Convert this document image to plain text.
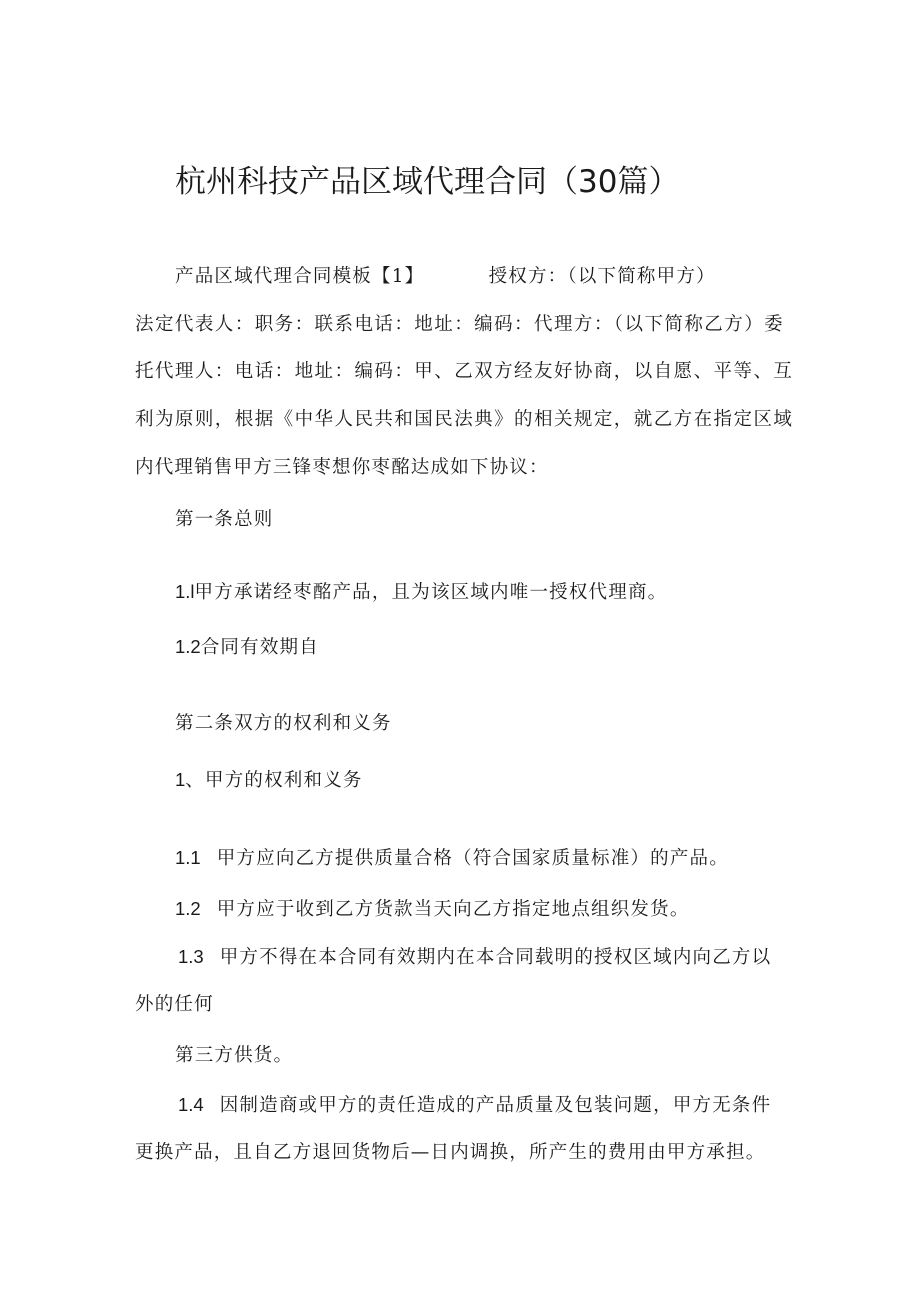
杭州科技产品区域代理合同（30篇）
产品区域代理合同模板【1】	授权方：（以下简称甲方）
法定代表人：职务：联系电话：地址：编码：代理方：（以下简称乙方）委
托代理人：电话：地址：编码：甲、乙双方经友好协商，以自愿、平等、互
利为原则，根据《中华人民共和国民法典》的相关规定，就乙方在指定区域
内代理销售甲方三锋枣想你枣酩达成如下协议：
第一条总则
1.l甲方承诺经枣酩产品，且为该区域内唯一授权代理商。
1.2合同有效期自
第二条双方的权利和义务
1、甲方的权利和义务
1.1 甲方应向乙方提供质量合格（符合国家质量标准）的产品。
1.2 甲方应于收到乙方货款当天向乙方指定地点组织发货。
1.3 甲方不得在本合同有效期内在本合同载明的授权区域内向乙方以
外的任何
第三方供货。
1.4 因制造商或甲方的责任造成的产品质量及包装问题，甲方无条件
更换产品，且自乙方退回货物后—日内调换，所产生的费用由甲方承担。
